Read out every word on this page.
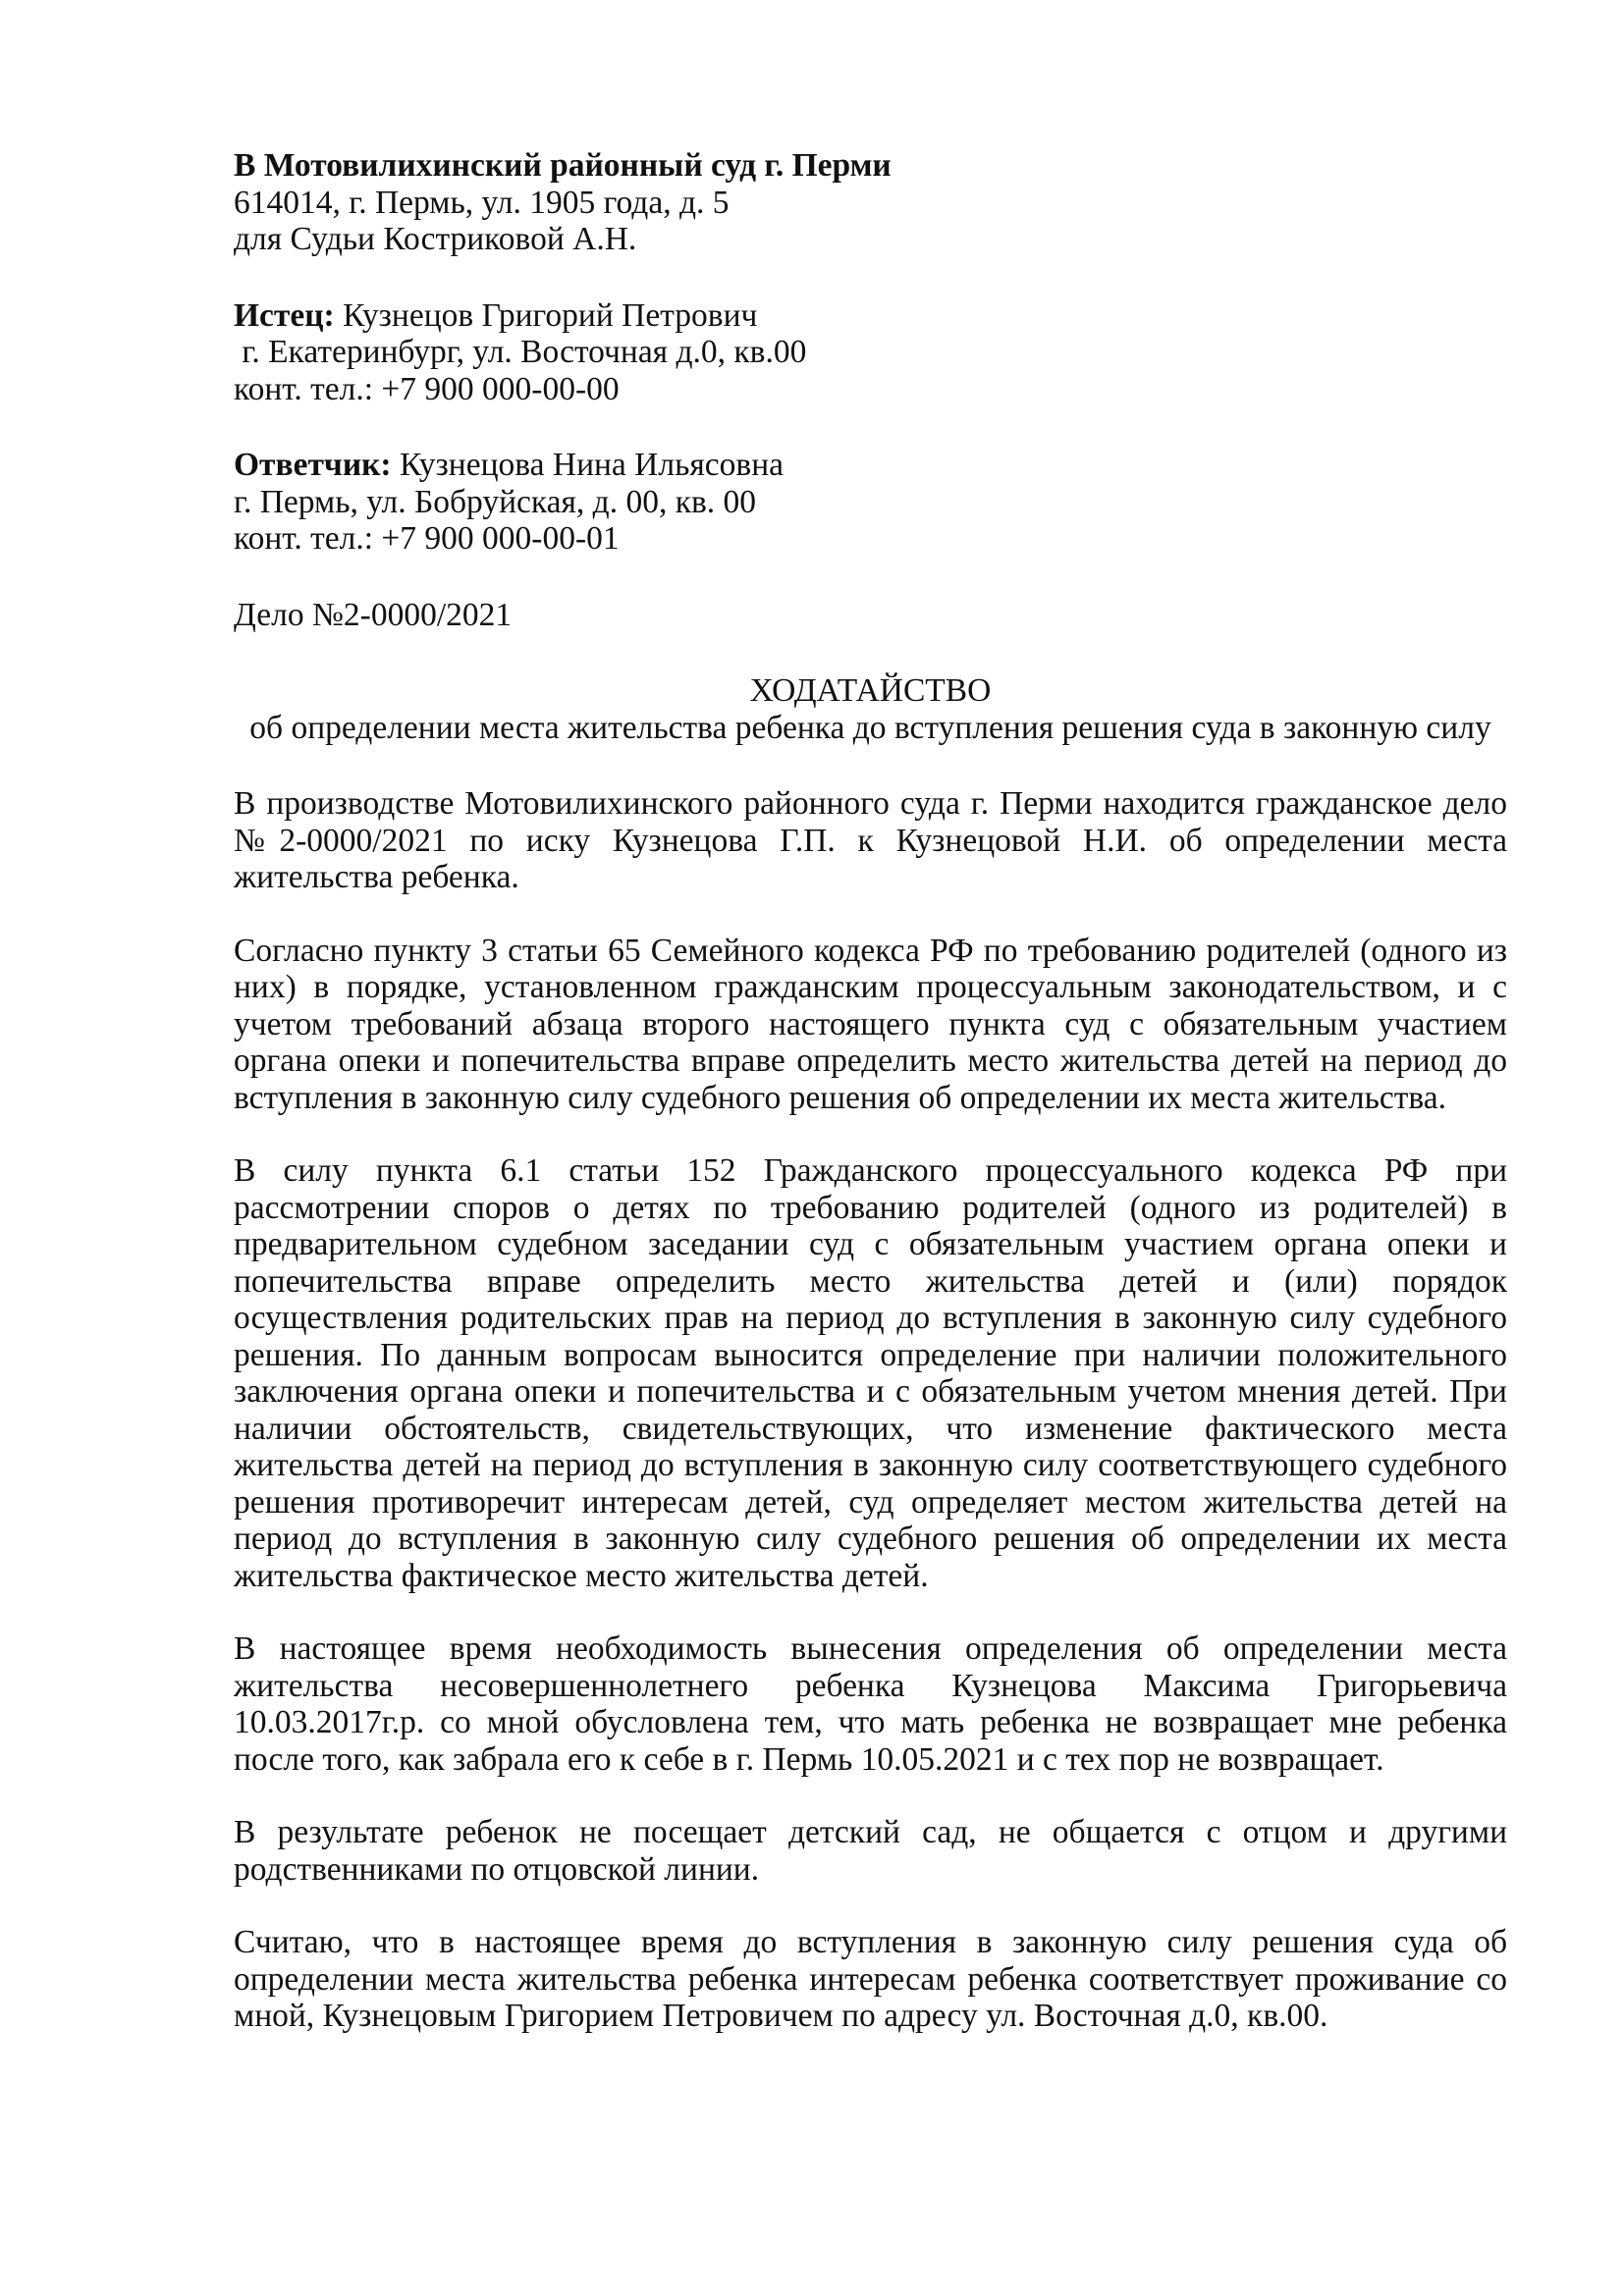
В Мотовилихинский районный суд г. Перми
614014, г. Пермь, ул. 1905 года, д. 5
для Судьи Костриковой А.Н.
Истец: Кузнецов Григорий Петрович
г. Екатеринбург, ул. Восточная д.0, кв.00
конт. тел.: +7 900 000-00-00
Ответчик: Кузнецова Нина Ильясовна
г. Пермь, ул. Бобруйская, д. 00, кв. 00
конт. тел.: +7 900 000-00-01
Дело №2-0000/2021
ХОДАТАЙСТВО
об определении места жительства ребенка до вступления решения суда в законную силу
В производстве Мотовилихинского районного суда г. Перми находится гражданское дело
№2-0000/2021 по иску Кузнецова Г.П. к Кузнецовой Н.И. об определении места
жительства ребенка.
Согласно пункту 3 статьи 65 Семейного кодекса РФ по требованию родителей (одного из
них) в порядке, установленном гражданским процессуальным законодательством, и с
учетом требований абзаца второго настоящего пункта суд с обязательным участием
органа опеки и попечительства вправе определить место жительства детей на период до
вступления в законную силу судебного решения об определении их места жительства.
В силу пункта 6.1 статьи 152 Гражданского процессуального кодекса РФ при
рассмотрении споров о детях по требованию родителей (одного из родителей) в
предварительном судебном заседании суд с обязательным участием органа опеки и
попечительства вправе определить место жительства детей и (или) порядок
осуществления родительских прав на период до вступления в законную силу судебного
решения. По данным вопросам выносится определение при наличии положительного
заключения органа опеки и попечительства и с обязательным учетом мнения детей. При
наличии обстоятельств, свидетельствующих, что изменение фактического места
жительства детей на период до вступления в законную силу соответствующего судебного
решения противоречит интересам детей, суд определяет местом жительства детей на
период до вступления в законную силу судебного решения об определении их места
жительства фактическое место жительства детей.
В настоящее время необходимость вынесения определения об определении места
жительства несовершеннолетнего ребенка Кузнецова Максима Григорьевича
10.03.2017г.р. со мной обусловлена тем, что мать ребенка не возвращает мне ребенка
после того, как забрала его к себе в г. Пермь 10.05.2021 и с тех пор не возвращает.
В результате ребенок не посещает детский сад, не общается с отцом и другими
родственниками по отцовской линии.
Считаю, что в настоящее время до вступления в законную силу решения суда об
определении места жительства ребенка интересам ребенка соответствует проживание со
мной, Кузнецовым Григорием Петровичем по адресу ул. Восточная д.0, кв.00.
